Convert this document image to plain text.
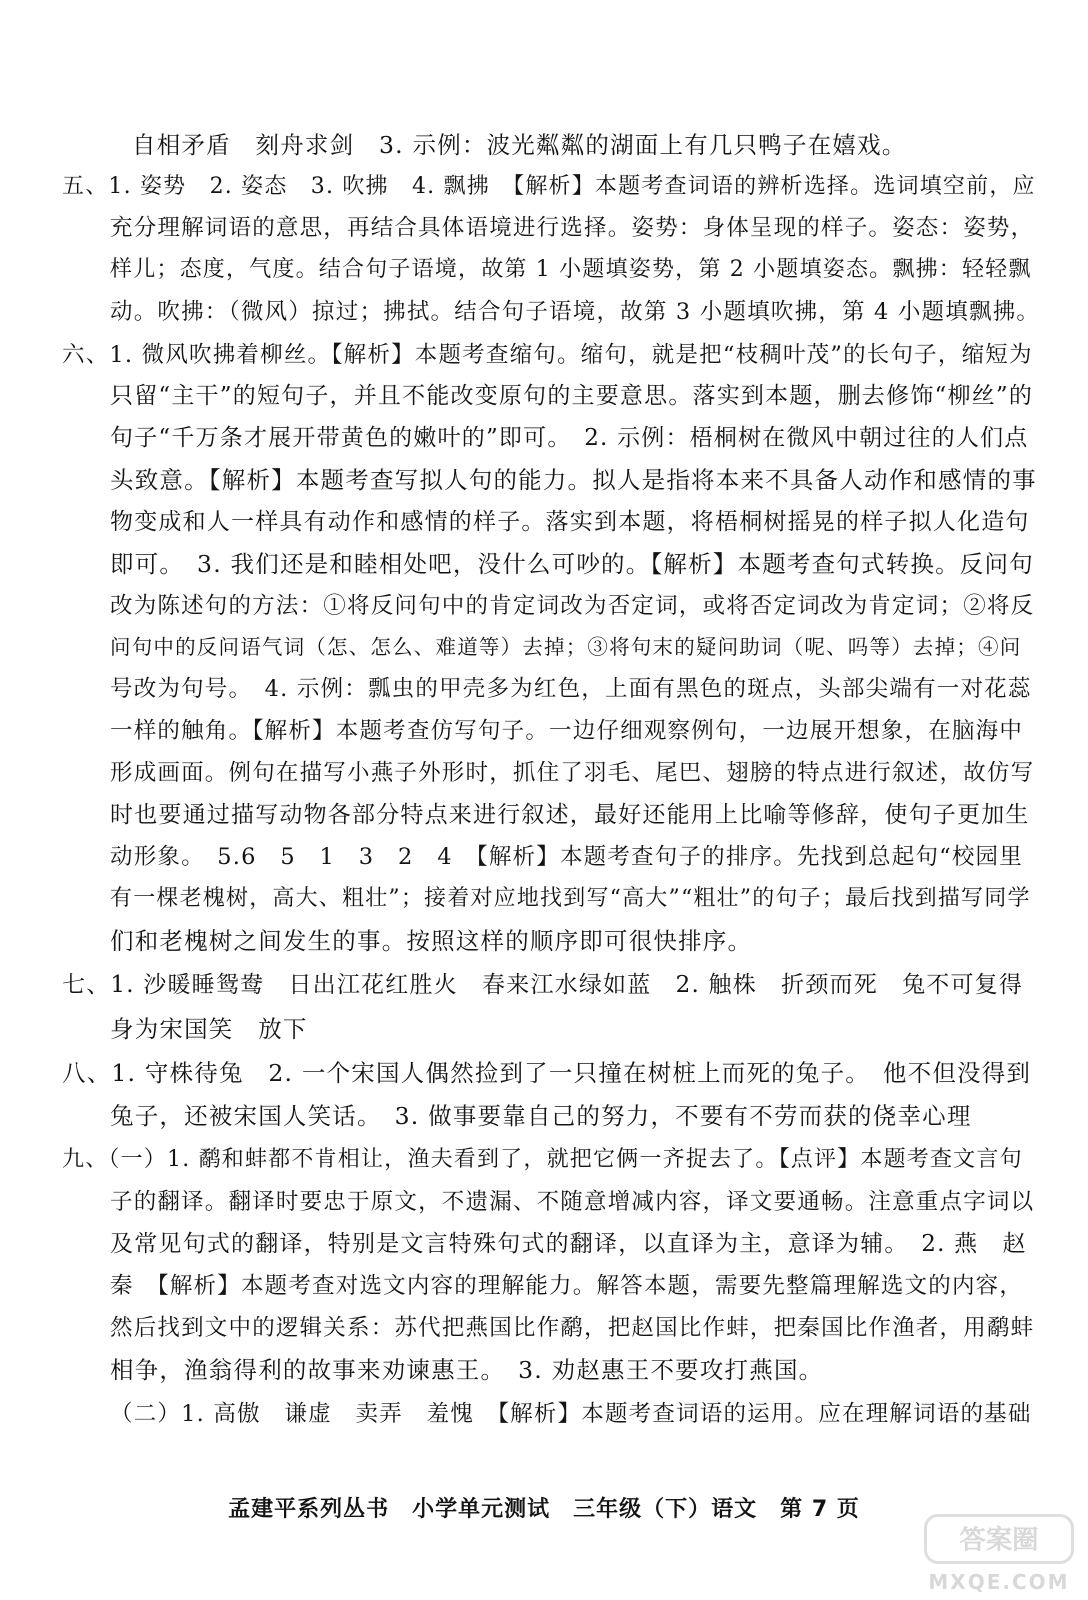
自相矛盾　刻舟求剑　3. 示例：波光粼粼的湖面上有几只鸭子在嬉戏。
五、1. 姿势　2. 姿态　3. 吹拂　4. 飘拂　【解析】本题考查词语的辨析选择。选词填空前，应
充分理解词语的意思，再结合具体语境进行选择。姿势：身体呈现的样子。姿态：姿势，
样儿；态度，气度。结合句子语境，故第 1 小题填姿势，第 2 小题填姿态。飘拂：轻轻飘
动。吹拂：（微风）掠过；拂拭。结合句子语境，故第 3 小题填吹拂，第 4 小题填飘拂。
六、1. 微风吹拂着柳丝。【解析】本题考查缩句。缩句，就是把“枝稠叶茂”的长句子，缩短为
只留“主干”的短句子，并且不能改变原句的主要意思。落实到本题，删去修饰“柳丝”的
句子“千万条才展开带黄色的嫩叶的”即可。　2. 示例：梧桐树在微风中朝过往的人们点
头致意。【解析】本题考查写拟人句的能力。拟人是指将本来不具备人动作和感情的事
物变成和人一样具有动作和感情的样子。落实到本题，将梧桐树摇晃的样子拟人化造句
即可。　3. 我们还是和睦相处吧，没什么可吵的。【解析】本题考查句式转换。反问句
改为陈述句的方法：①将反问句中的肯定词改为否定词，或将否定词改为肯定词；②将反
问句中的反问语气词（怎、怎么、难道等）去掉；③将句末的疑问助词（呢、吗等）去掉；④问
号改为句号。　4. 示例：瓢虫的甲壳多为红色，上面有黑色的斑点，头部尖端有一对花蕊
一样的触角。【解析】本题考查仿写句子。一边仔细观察例句，一边展开想象，在脑海中
形成画面。例句在描写小燕子外形时，抓住了羽毛、尾巴、翅膀的特点进行叙述，故仿写
时也要通过描写动物各部分特点来进行叙述，最好还能用上比喻等修辞，使句子更加生
动形象。　5.6　5　1　3　2　4　【解析】本题考查句子的排序。先找到总起句“校园里
有一棵老槐树，高大、粗壮”；接着对应地找到写“高大”“粗壮”的句子；最后找到描写同学
们和老槐树之间发生的事。按照这样的顺序即可很快排序。
七、1. 沙暖睡鸳鸯　日出江花红胜火　春来江水绿如蓝　2. 触株　折颈而死　兔不可复得
身为宋国笑　放下
八、1. 守株待兔　2. 一个宋国人偶然捡到了一只撞在树桩上而死的兔子。　他不但没得到
兔子，还被宋国人笑话。　3. 做事要靠自己的努力，不要有不劳而获的侥幸心理
九、（一）1. 鹬和蚌都不肯相让，渔夫看到了，就把它俩一齐捉去了。【点评】本题考查文言句
子的翻译。翻译时要忠于原文，不遗漏、不随意增减内容，译文要通畅。注意重点字词以
及常见句式的翻译，特别是文言特殊句式的翻译，以直译为主，意译为辅。　2. 燕　赵
秦　【解析】本题考查对选文内容的理解能力。解答本题，需要先整篇理解选文的内容，
然后找到文中的逻辑关系：苏代把燕国比作鹬，把赵国比作蚌，把秦国比作渔者，用鹬蚌
相争，渔翁得利的故事来劝谏惠王。　3. 劝赵惠王不要攻打燕国。
（二）1. 高傲　谦虚　卖弄　羞愧　【解析】本题考查词语的运用。应在理解词语的基础
孟建平系列丛书　小学单元测试　三年级（下）语文　第 7 页
答案圈
MXQE.COM
